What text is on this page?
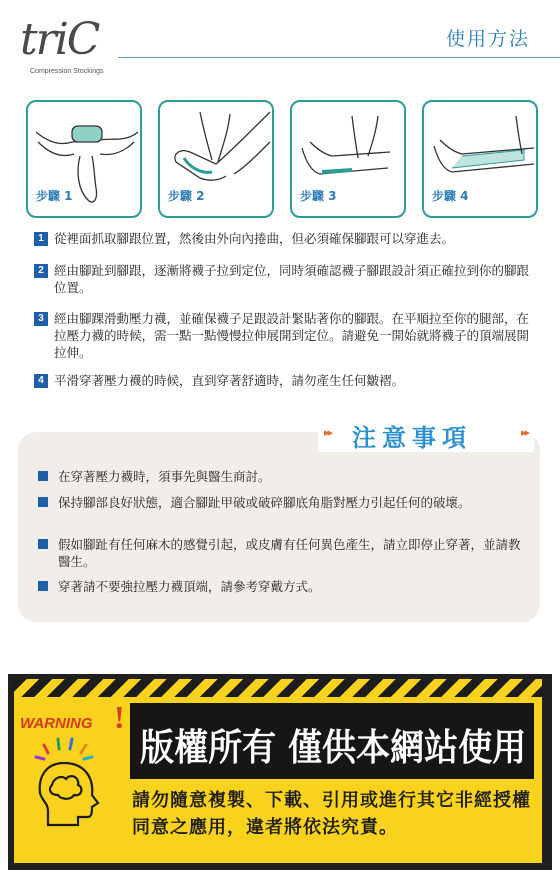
triC
Compression Stockings
使用方法
步驟 1	步驟 2	步驟 3	步驟 4
1 從裡面抓取腳跟位置，然後由外向內捲曲，但必須確保腳跟可以穿進去。
2 經由腳趾到腳跟，逐漸將襪子拉到定位，同時須確認襪子腳跟設計須正確拉到你的腳跟位置。
3 經由腳踝滑動壓力襪，並確保襪子足跟設計緊貼著你的腳跟。在平順拉至你的腿部，在拉壓力襪的時候，需一點一點慢慢拉伸展開到定位。請避免一開始就將襪子的頂端展開拉伸。
4 平滑穿著壓力襪的時候，直到穿著舒適時，請勿產生任何皺褶。
▸▸ 注意事項	▸▸
在穿著壓力襪時，須事先與醫生商討。
保持腳部良好狀態，適合腳趾甲破或破碎腳底角脂對壓力引起任何的破壞。
假如腳趾有任何麻木的感覺引起，或皮膚有任何異色產生，請立即停止穿著，並請教醫生。
穿著請不要強拉壓力襪頂端，請參考穿戴方式。
WARNING !
版權所有 僅供本網站使用
請勿隨意複製、下載、引用或進行其它非經授權同意之應用，違者將依法究責。
